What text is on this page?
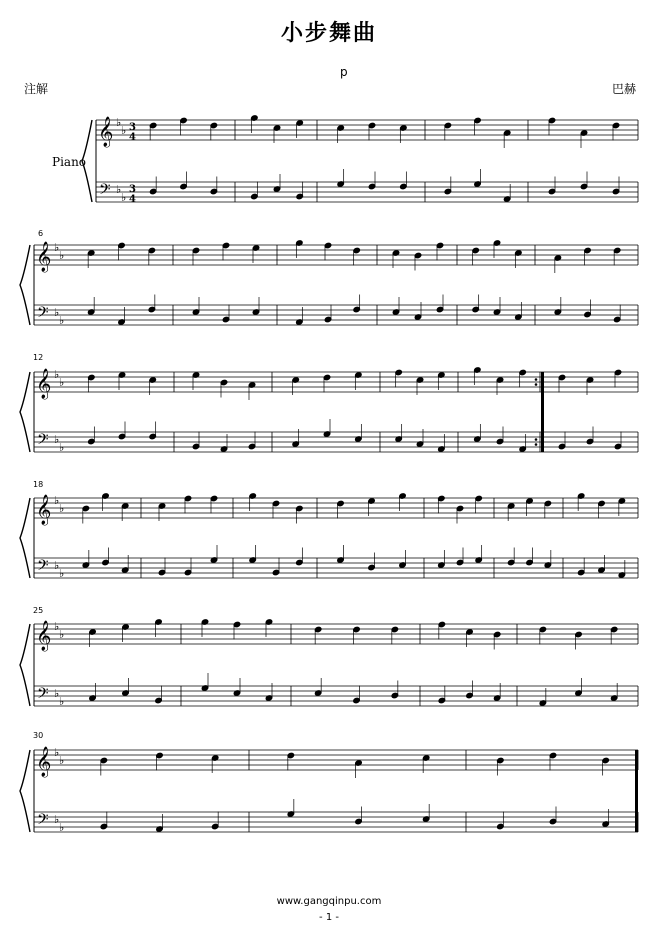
小步舞曲
p
注解	巴赫
Piano
6
12
18
25
30
𝄞
𝄢
♭
♭
♭
♭
3
4
3
4
𝄞
𝄢
♭
♭
♭
♭
𝄞
𝄢
♭
♭
♭
♭
𝄞
𝄢
♭
♭
♭
♭
𝄞
𝄢
♭
♭
♭
♭
𝄞
𝄢
♭
♭
♭
♭
www.gangqinpu.com
- 1 -
